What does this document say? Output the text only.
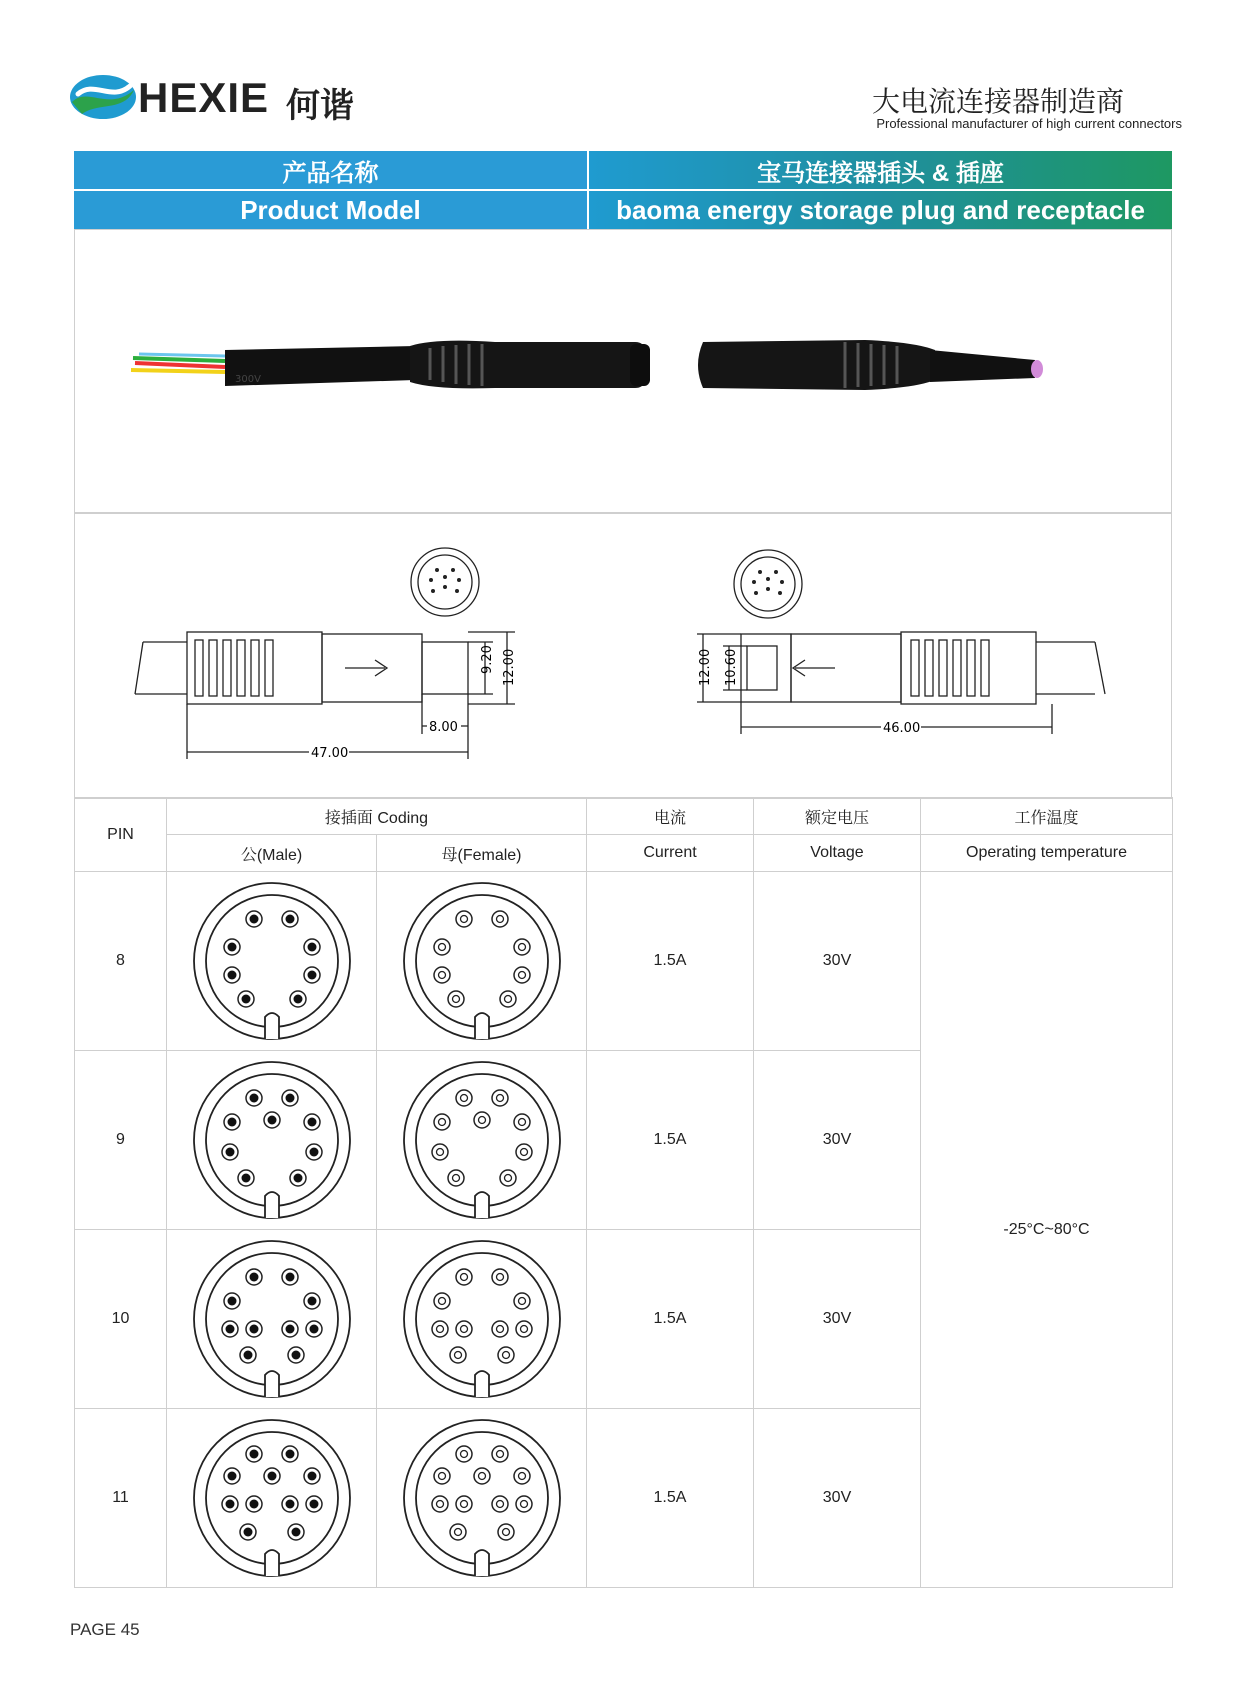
HEXIE 何谐	大电流连接器制造商
Professional manufacturer of high current connectors
产品名称
Product Model
宝马连接器插头 & 插座
baoma energy storage plug and receptacle
300V
47.00
8.00
9.20 12.00
46.00
12.00 10.60
PIN	接插面 Coding		电流	额定电压	工作温度
	公(Male)	母(Female)	Current	Voltage	Operating temperature
8			1.5A	30V	-25°C~80°C
9			1.5A	30V	
10			1.5A	30V	
11			1.5A	30V	
PAGE 45
